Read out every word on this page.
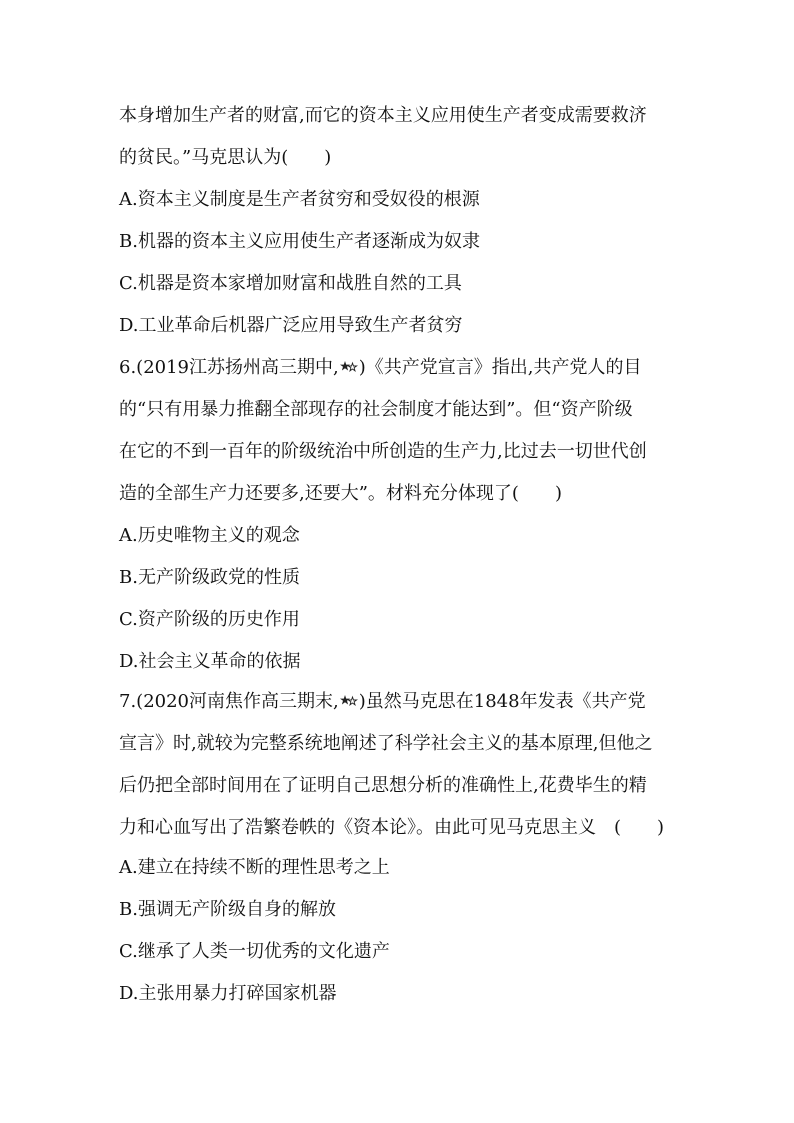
本身增加生产者的财富,而它的资本主义应用使生产者变成需要救济
的贫民。”马克思认为(　　)
A.资本主义制度是生产者贫穷和受奴役的根源
B.机器的资本主义应用使生产者逐渐成为奴隶
C.机器是资本家增加财富和战胜自然的工具
D.工业革命后机器广泛应用导致生产者贫穷
6.(2019江苏扬州高三期中, )《共产党宣言》指出,共产党人的目
的“只有用暴力推翻全部现存的社会制度才能达到”。但“资产阶级
在它的不到一百年的阶级统治中所创造的生产力,比过去一切世代创
造的全部生产力还要多,还要大”。材料充分体现了(　　)
A.历史唯物主义的观念
B.无产阶级政党的性质
C.资产阶级的历史作用
D.社会主义革命的依据
7.(2020河南焦作高三期末, )虽然马克思在1848年发表《共产党
宣言》时,就较为完整系统地阐述了科学社会主义的基本原理,但他之
后仍把全部时间用在了证明自己思想分析的准确性上,花费毕生的精
力和心血写出了浩繁卷帙的《资本论》。由此可见马克思主义　(　　)
A.建立在持续不断的理性思考之上
B.强调无产阶级自身的解放
C.继承了人类一切优秀的文化遗产
D.主张用暴力打碎国家机器
